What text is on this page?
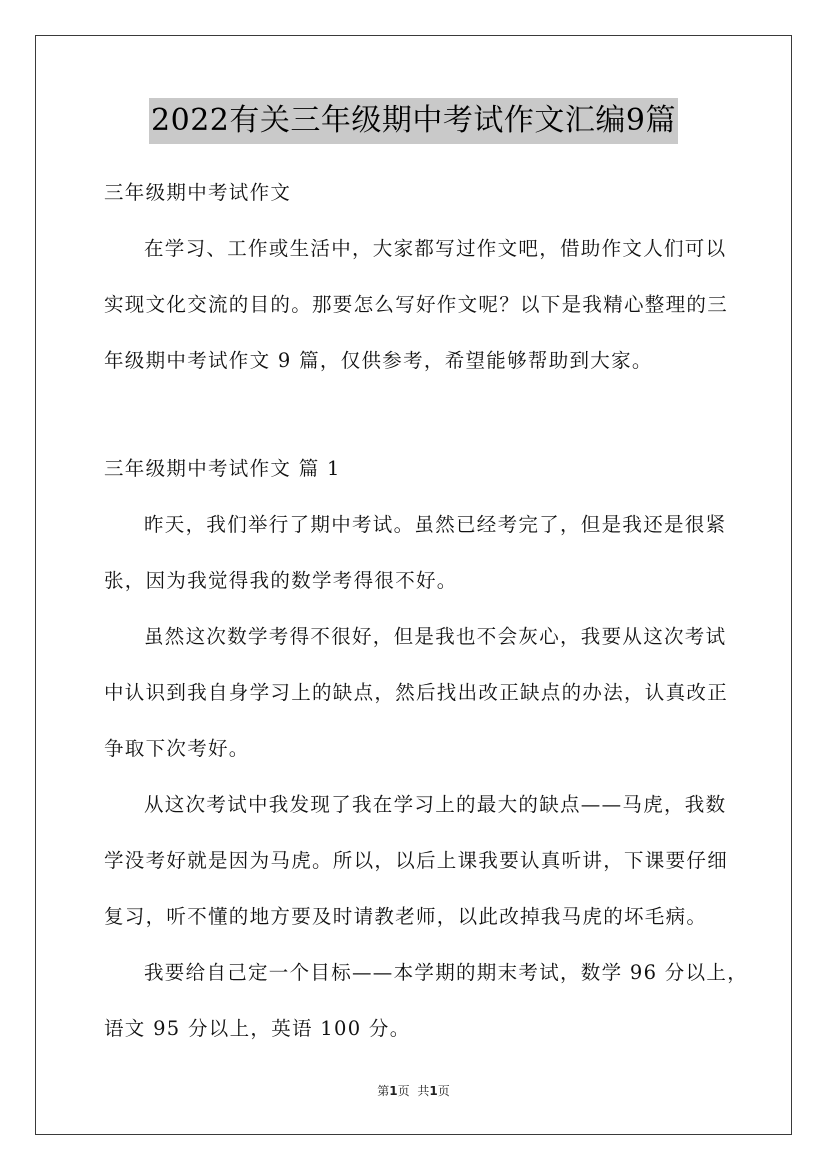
2022有关三年级期中考试作文汇编9篇
三年级期中考试作文
在学习、工作或生活中，大家都写过作文吧，借助作文人们可以
实现文化交流的目的。那要怎么写好作文呢？以下是我精心整理的三
年级期中考试作文 9 篇，仅供参考，希望能够帮助到大家。
三年级期中考试作文 篇 1
昨天，我们举行了期中考试。虽然已经考完了，但是我还是很紧
张，因为我觉得我的数学考得很不好。
虽然这次数学考得不很好，但是我也不会灰心，我要从这次考试
中认识到我自身学习上的缺点，然后找出改正缺点的办法，认真改正
争取下次考好。
从这次考试中我发现了我在学习上的最大的缺点——马虎，我数
学没考好就是因为马虎。所以，以后上课我要认真听讲，下课要仔细
复习，听不懂的地方要及时请教老师，以此改掉我马虎的坏毛病。
我要给自己定一个目标——本学期的期末考试，数学 96 分以上，
语文 95 分以上，英语 100 分。
第1页 共1页
